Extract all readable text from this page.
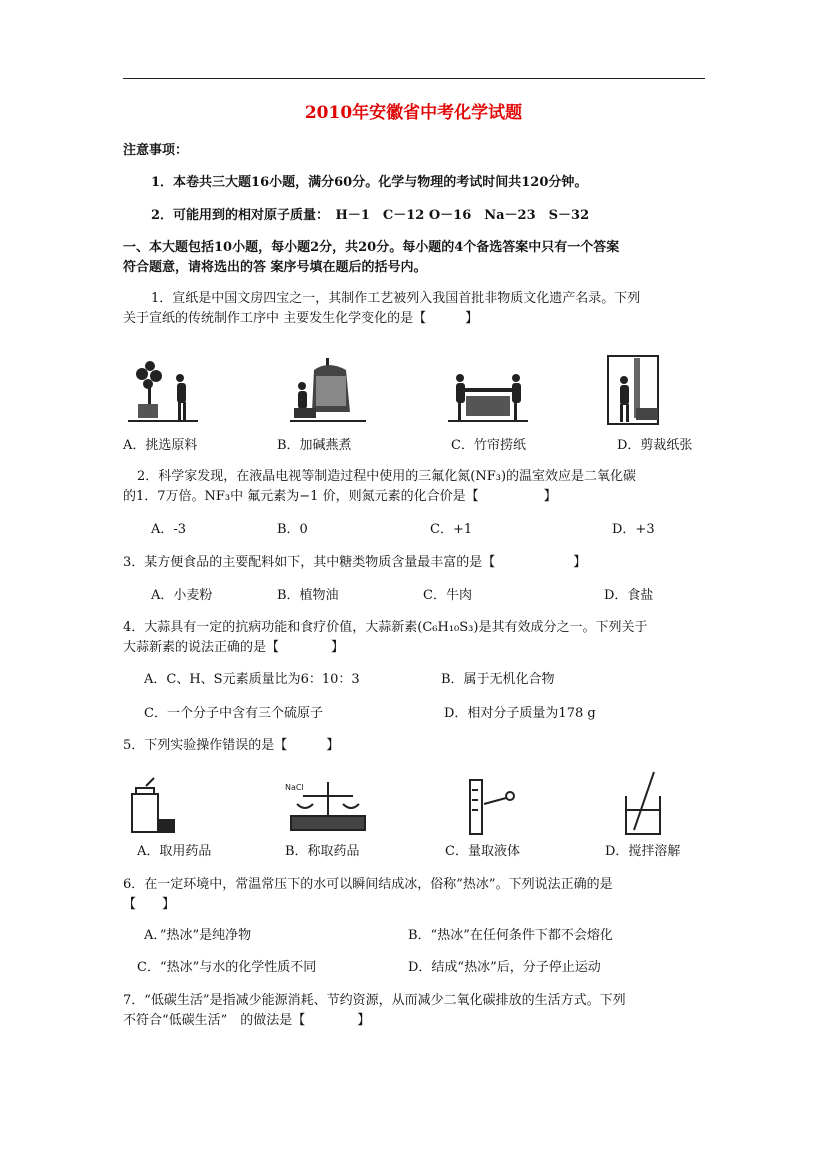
2010年安徽省中考化学试题
注意事项：
1．本卷共三大题16小题，满分60分。化学与物理的考试时间共120分钟。
2．可能用到的相对原子质量：　H－1　C－12 O－16　Na－23　S－32
一、本大题包括10小题，每小题2分，共20分。每小题的4个备选答案中只有一个答案
符合题意，请将选出的答 案序号填在题后的括号内。
1．宣纸是中国文房四宝之一，其制作工艺被列入我国首批非物质文化遗产名录。下列
关于宣纸的传统制作工序中 主要发生化学变化的是【　　　】
A．挑选原料	B．加碱燕煮	C．竹帘捞纸	D．剪裁纸张
2．科学家发现，在液晶电视等制造过程中使用的三氟化氮(NF₃)的温室效应是二氧化碳
的1．7万倍。NF₃中 氟元素为−1 价，则氮元素的化合价是【　　　　　】
A．-3	B．0	C．+1	D．+3
3．某方便食品的主要配料如下，其中糖类物质含量最丰富的是【　　　　　　】
A．小麦粉	B．植物油	C．牛肉	D．食盐
4．大蒜具有一定的抗病功能和食疗价值，大蒜新素(C₆H₁₀S₃)是其有效成分之一。下列关于
大蒜新素的说法正确的是【　　　　】
A．C、H、S元素质量比为6：10：3	B．属于无机化合物
C．一个分子中含有三个硫原子	D．相对分子质量为178 g
5．下列实验操作错误的是【　　　】
NaCl
A．取用药品	B．称取药品	C．量取液体	D．搅拌溶解
6．在一定环境中，常温常压下的水可以瞬间结成冰，俗称”热冰”。下列说法正确的是
【　　】
A．”热冰”是纯净物	B．“热冰”在任何条件下都不会熔化
C．“热冰”与水的化学性质不同	D．结成“热冰”后，分子停止运动
7．“低碳生活”是指减少能源消耗、节约资源，从而减少二氧化碳排放的生活方式。下列
不符合“低碳生活”　的做法是【　　　　】
